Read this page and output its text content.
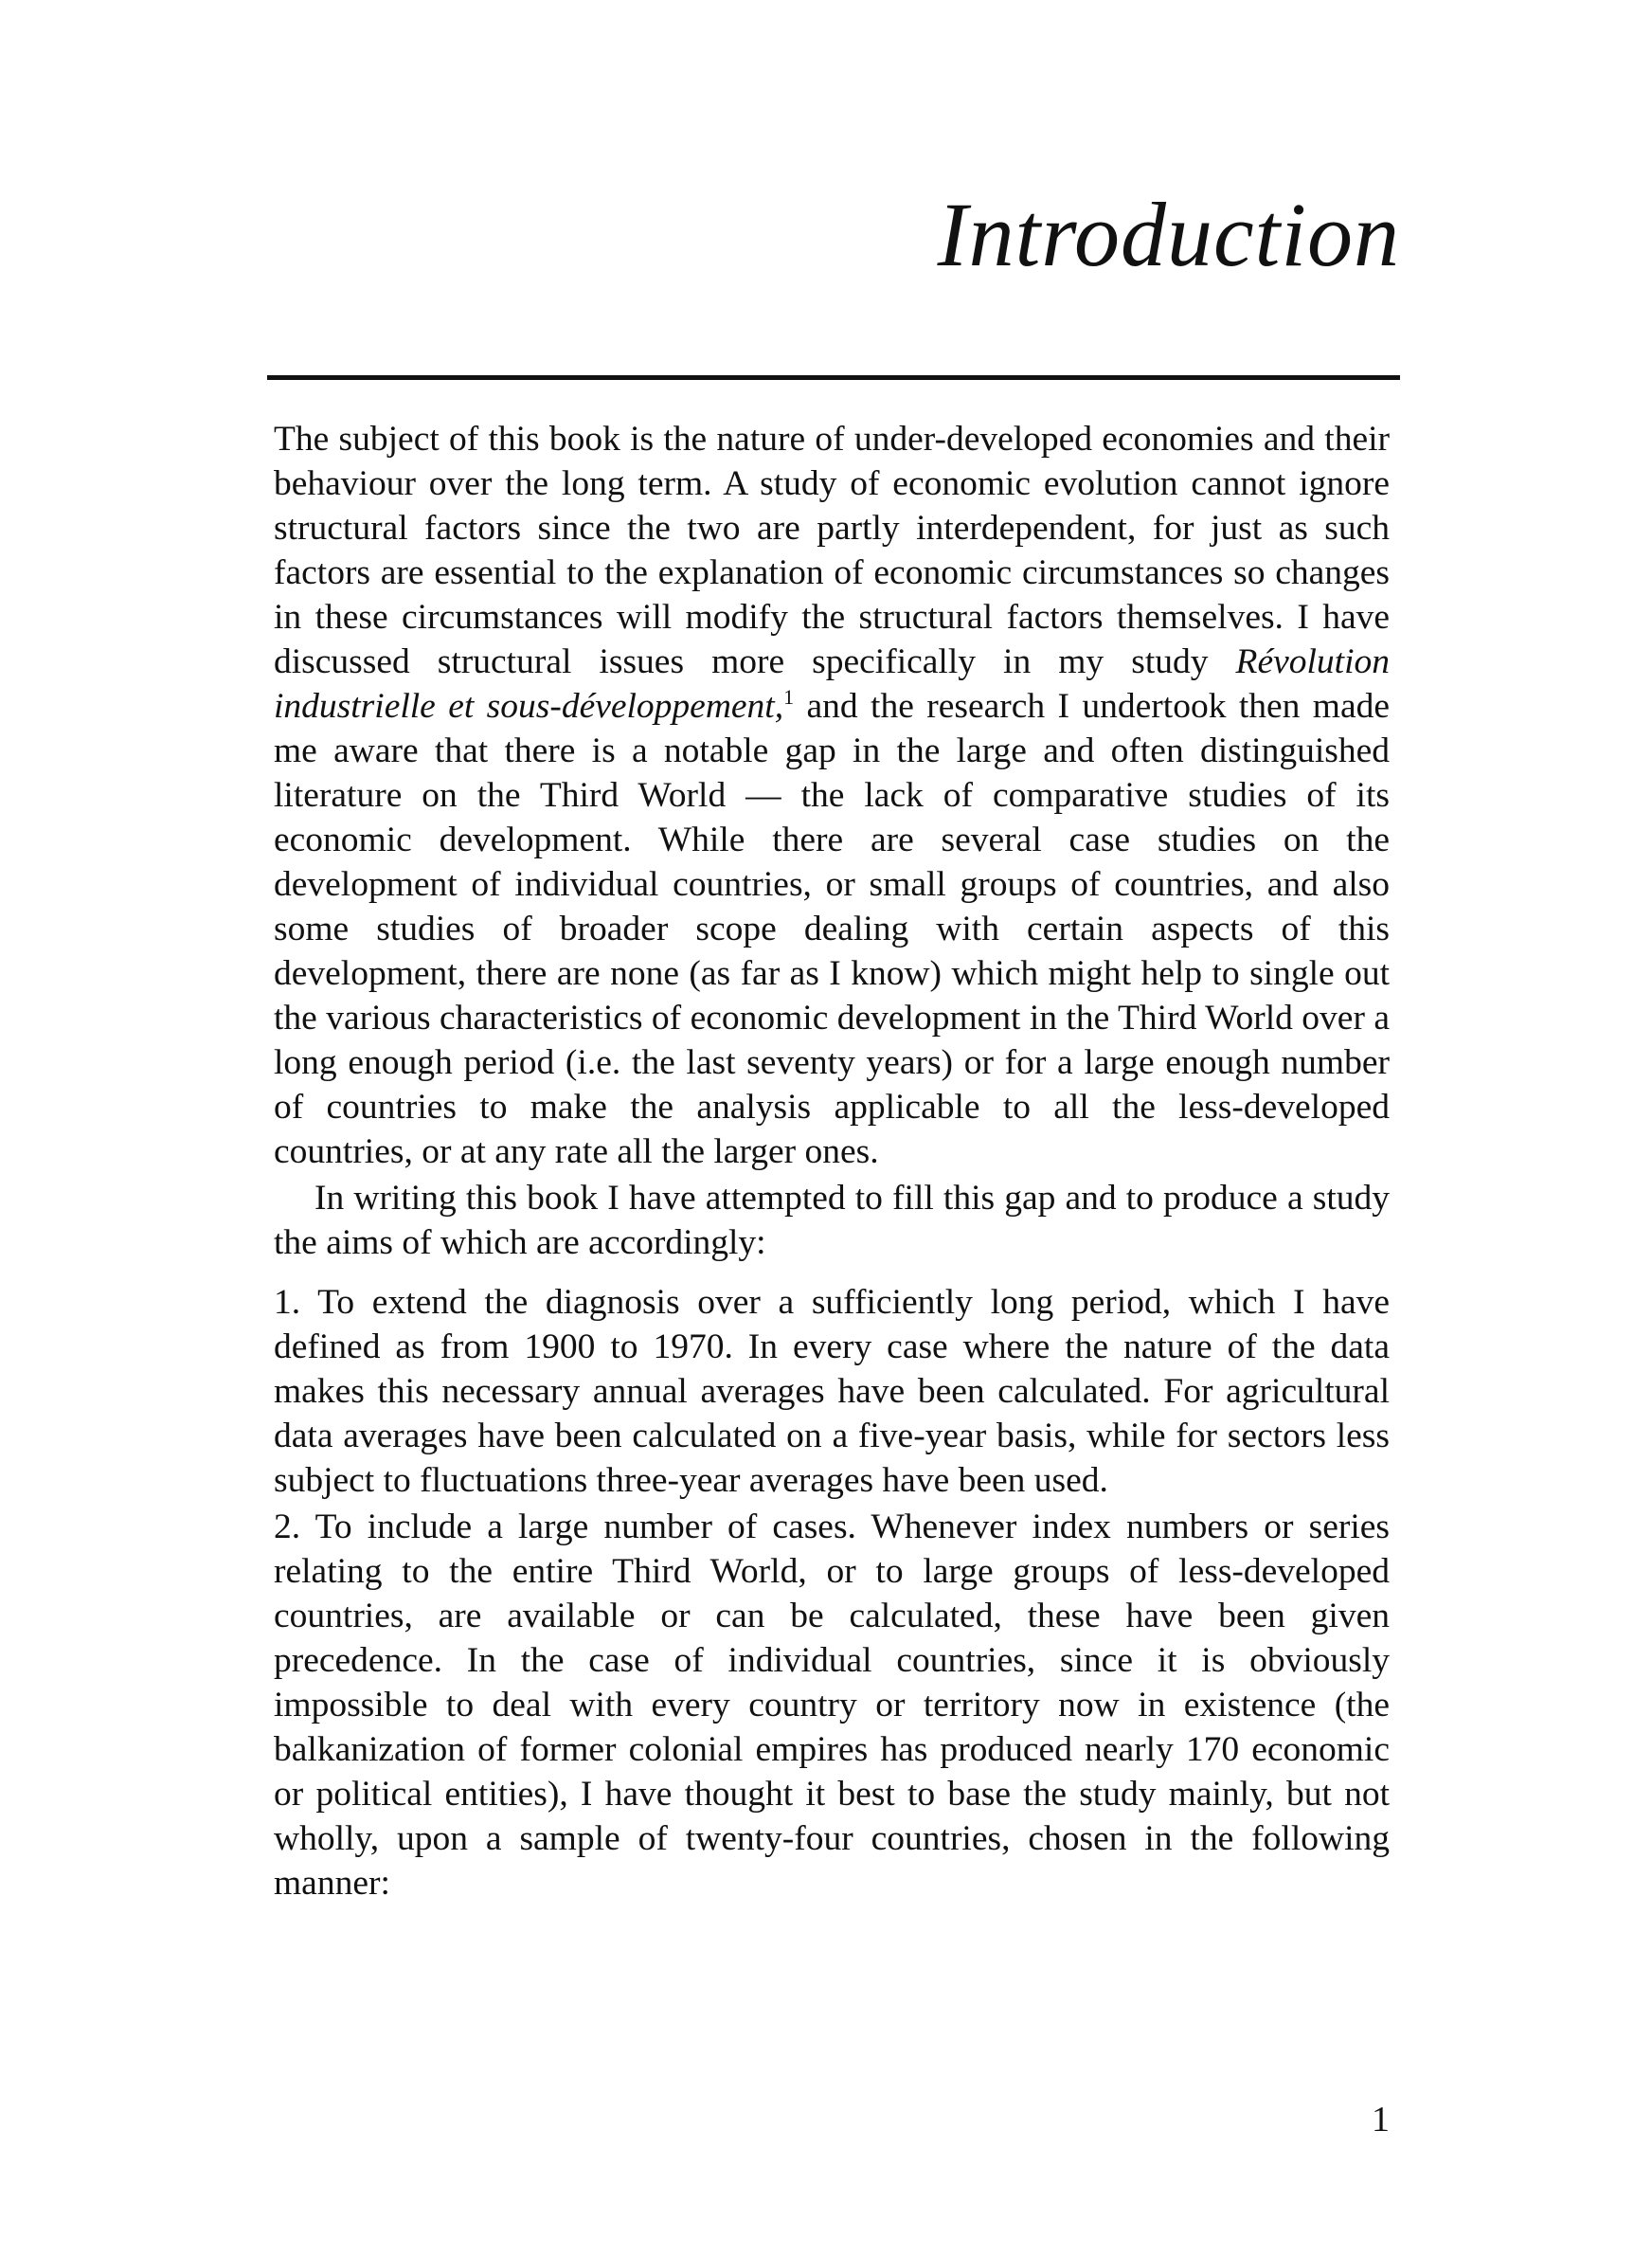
Introduction

The subject of this book is the nature of under-developed economies and their behaviour over the long term. A study of economic evolution cannot ignore structural factors since the two are partly interdependent, for just as such factors are essential to the explanation of economic circumstances so changes in these circumstances will modify the structural factors themselves. I have discussed structural issues more specifically in my study Révolution industrielle et sous-développement,$^1$ and the research I undertook then made me aware that there is a notable gap in the large and often distinguished literature on the Third World — the lack of comparative studies of its economic development. While there are several case studies on the development of individual countries, or small groups of countries, and also some studies of broader scope dealing with certain aspects of this development, there are none (as far as I know) which might help to single out the various characteristics of economic development in the Third World over a long enough period (i.e. the last seventy years) or for a large enough number of countries to make the analysis applicable to all the less-developed countries, or at any rate all the larger ones.

In writing this book I have attempted to fill this gap and to produce a study the aims of which are accordingly:

1. To extend the diagnosis over a sufficiently long period, which I have defined as from 1900 to 1970. In every case where the nature of the data makes this necessary annual averages have been calculated. For agricultural data averages have been calculated on a five-year basis, while for sectors less subject to fluctuations three-year averages have been used.

2. To include a large number of cases. Whenever index numbers or series relating to the entire Third World, or to large groups of less-developed countries, are available or can be calculated, these have been given precedence. In the case of individual countries, since it is obviously impossible to deal with every country or territory now in existence (the balkanization of former colonial empires has produced nearly 170 economic or political entities), I have thought it best to base the study mainly, but not wholly, upon a sample of twenty-four countries, chosen in the following manner:

1
